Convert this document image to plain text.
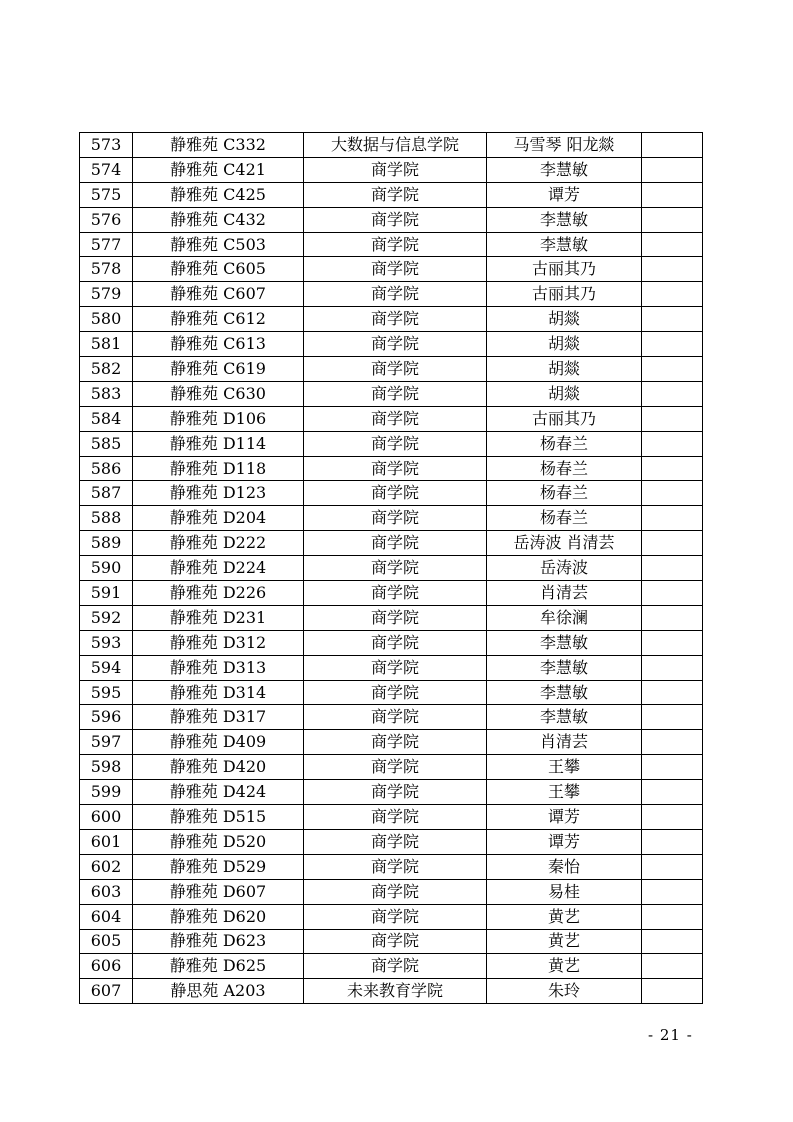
573	静雅苑 C332	大数据与信息学院	马雪琴 阳龙燚	
574	静雅苑 C421	商学院	李慧敏	
575	静雅苑 C425	商学院	谭芳	
576	静雅苑 C432	商学院	李慧敏	
577	静雅苑 C503	商学院	李慧敏	
578	静雅苑 C605	商学院	古丽其乃	
579	静雅苑 C607	商学院	古丽其乃	
580	静雅苑 C612	商学院	胡燚	
581	静雅苑 C613	商学院	胡燚	
582	静雅苑 C619	商学院	胡燚	
583	静雅苑 C630	商学院	胡燚	
584	静雅苑 D106	商学院	古丽其乃	
585	静雅苑 D114	商学院	杨春兰	
586	静雅苑 D118	商学院	杨春兰	
587	静雅苑 D123	商学院	杨春兰	
588	静雅苑 D204	商学院	杨春兰	
589	静雅苑 D222	商学院	岳涛波 肖清芸	
590	静雅苑 D224	商学院	岳涛波	
591	静雅苑 D226	商学院	肖清芸	
592	静雅苑 D231	商学院	牟徐澜	
593	静雅苑 D312	商学院	李慧敏	
594	静雅苑 D313	商学院	李慧敏	
595	静雅苑 D314	商学院	李慧敏	
596	静雅苑 D317	商学院	李慧敏	
597	静雅苑 D409	商学院	肖清芸	
598	静雅苑 D420	商学院	王攀	
599	静雅苑 D424	商学院	王攀	
600	静雅苑 D515	商学院	谭芳	
601	静雅苑 D520	商学院	谭芳	
602	静雅苑 D529	商学院	秦怡	
603	静雅苑 D607	商学院	易桂	
604	静雅苑 D620	商学院	黄艺	
605	静雅苑 D623	商学院	黄艺	
606	静雅苑 D625	商学院	黄艺	
607	静思苑 A203	未来教育学院	朱玲	
- 21 -
